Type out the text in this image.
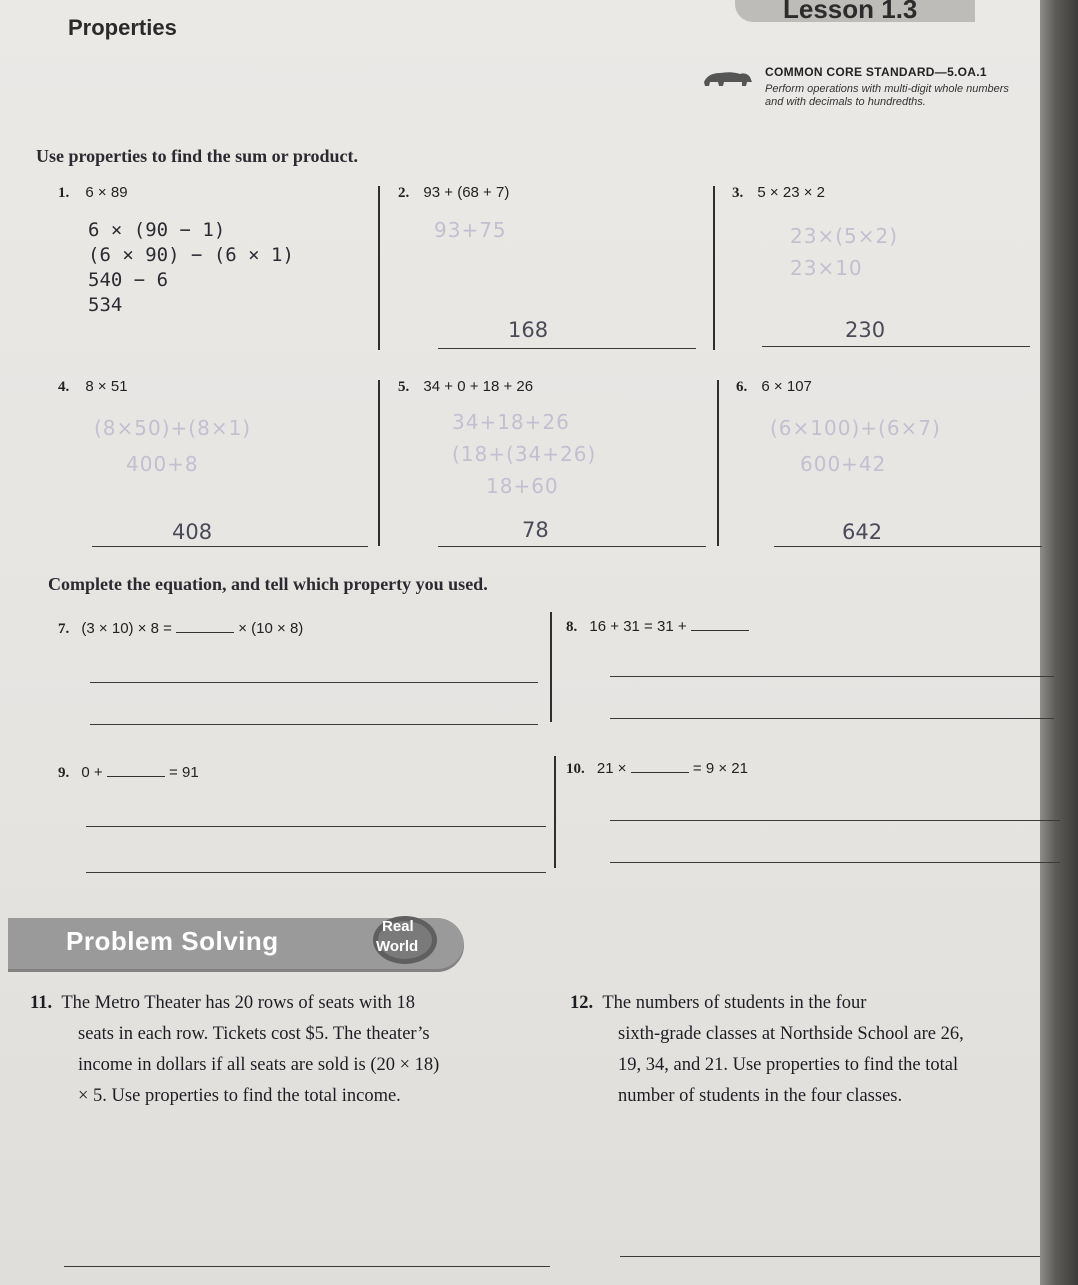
Lesson 1.3
Properties
COMMON CORE STANDARD—5.OA.1
Perform operations with multi-digit whole numbers and with decimals to hundredths.
Use properties to find the sum or product.
1. 6 × 89
6 × (90 − 1)
(6 × 90) − (6 × 1)
540 − 6
534
2. 93 + (68 + 7)
93+75
168
3. 5 × 23 × 2
23×(5×2)
23×10
230
4. 8 × 51
(8×50)+(8×1)
400+8
408
5. 34 + 0 + 18 + 26
34+18+26
(18+(34+26)
18+60
78
6. 6 × 107
(6×100)+(6×7)
600+42
642
Complete the equation, and tell which property you used.
7. (3 × 10) × 8 =	× (10 × 8)	8. 16 + 31 = 31 +
9. 0 +	= 91	10. 21 ×	= 9 × 21
Problem Solving	Real
World
11. The Metro Theater has 20 rows of seats with 18
seats in each row. Tickets cost $5. The theater’s
income in dollars if all seats are sold is (20 × 18)
× 5. Use properties to find the total income.
12. The numbers of students in the four
sixth-grade classes at Northside School are 26,
19, 34, and 21. Use properties to find the total
number of students in the four classes.
